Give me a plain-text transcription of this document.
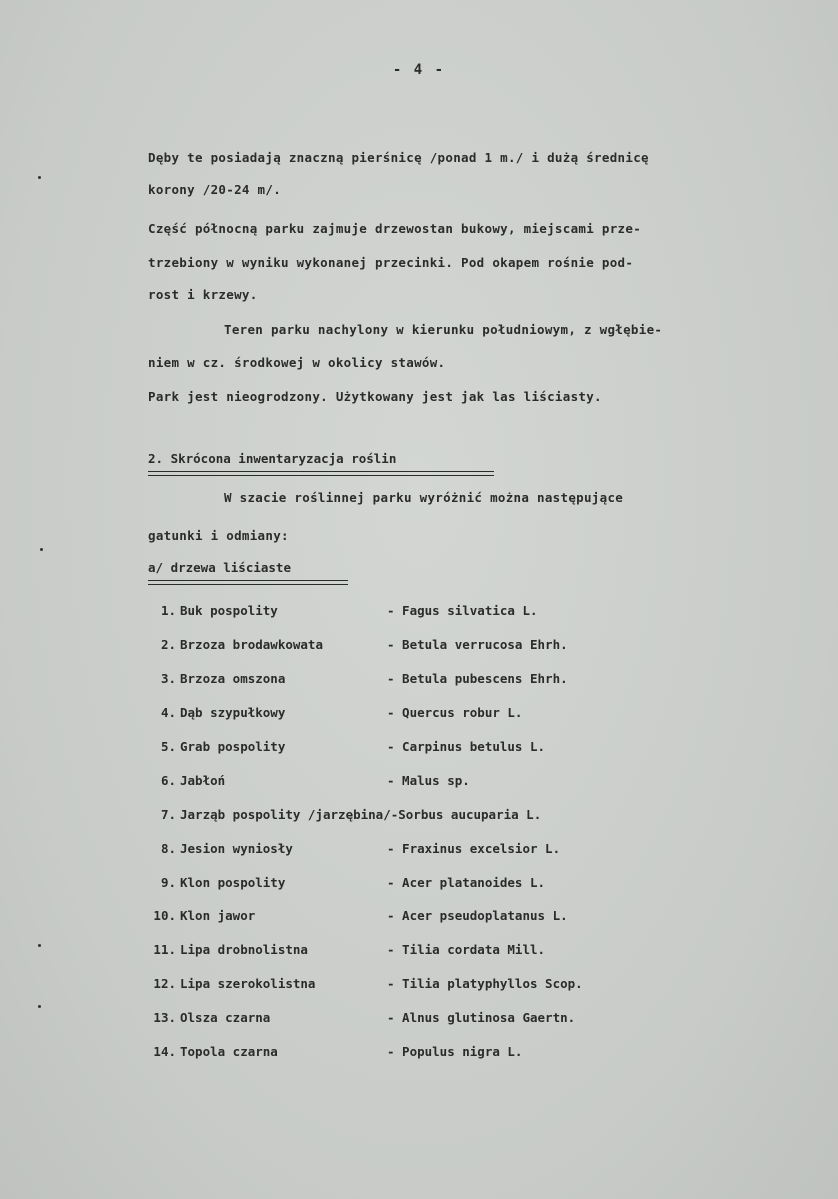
- 4 -
Dęby te posiadają znaczną pierśnicę /ponad 1 m./ i dużą średnicę
korony /20-24 m/.
Część północną parku zajmuje drzewostan bukowy, miejscami prze-
trzebiony w wyniku wykonanej przecinki. Pod okapem rośnie pod-
rost i krzewy.
Teren parku nachylony w kierunku południowym, z wgłębie-
niem w cz. środkowej w okolicy stawów.
Park jest nieogrodzony. Użytkowany jest jak las liściasty.
2. Skrócona inwentaryzacja roślin
W szacie roślinnej parku wyróżnić można następujące
gatunki i odmiany:
a/ drzewa liściaste
1. Buk pospolity	- Fagus silvatica L.
2. Brzoza brodawkowata	- Betula verrucosa Ehrh.
3. Brzoza omszona	- Betula pubescens Ehrh.
4. Dąb szypułkowy	- Quercus robur L.
5. Grab pospolity	- Carpinus betulus L.
6. Jabłoń	- Malus sp.
7. Jarząb pospolity /jarzębina/-Sorbus aucuparia L.
8. Jesion wyniosły	- Fraxinus excelsior L.
9. Klon pospolity	- Acer platanoides L.
10. Klon jawor	- Acer pseudoplatanus L.
11. Lipa drobnolistna	- Tilia cordata Mill.
12. Lipa szerokolistna	- Tilia platyphyllos Scop.
13. Olsza czarna	- Alnus glutinosa Gaertn.
14. Topola czarna	- Populus nigra L.
